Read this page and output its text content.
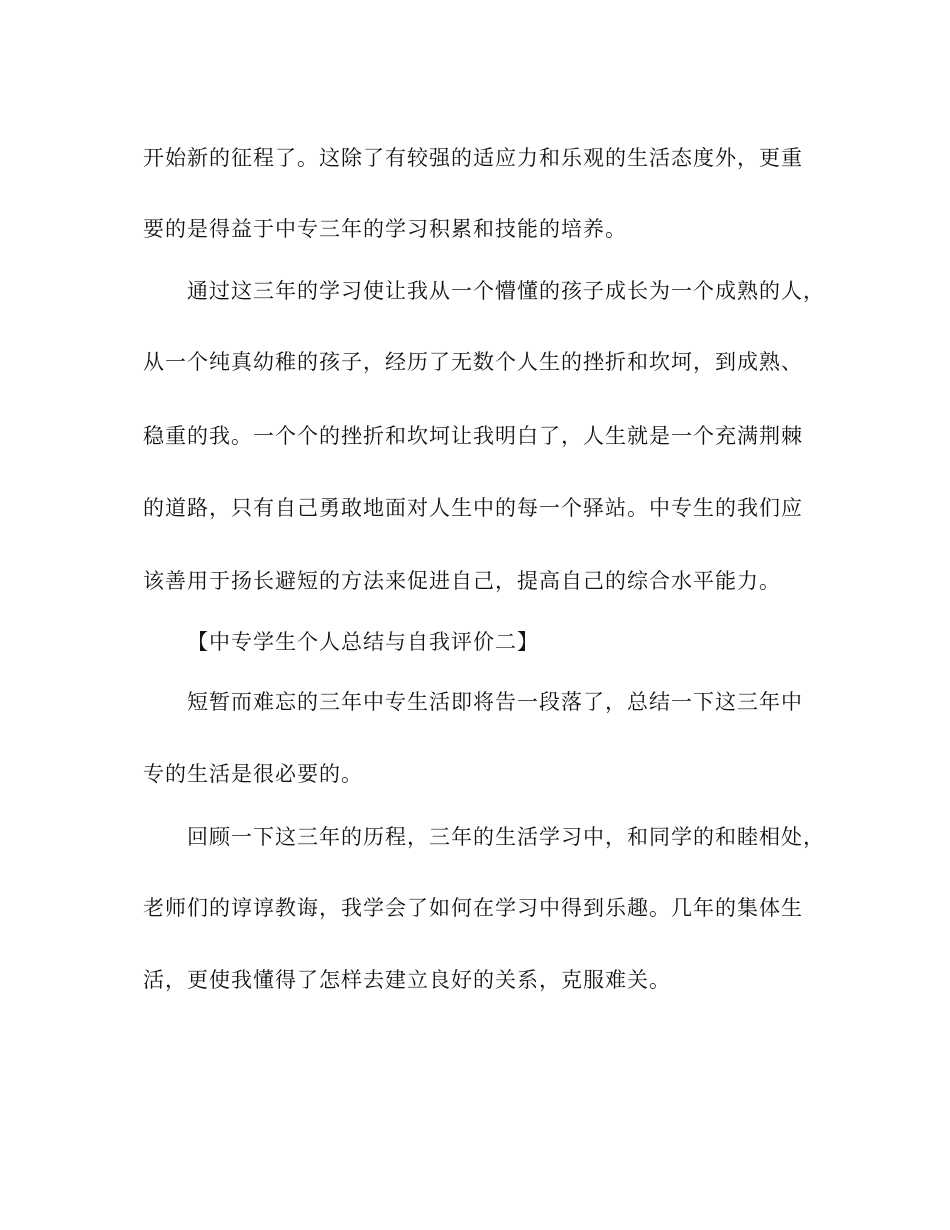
开始新的征程了。这除了有较强的适应力和乐观的生活态度外，更重
要的是得益于中专三年的学习积累和技能的培养。
通过这三年的学习使让我从一个懵懂的孩子成长为一个成熟的人，
从一个纯真幼稚的孩子，经历了无数个人生的挫折和坎坷，到成熟、
稳重的我。一个个的挫折和坎坷让我明白了，人生就是一个充满荆棘
的道路，只有自己勇敢地面对人生中的每一个驿站。中专生的我们应
该善用于扬长避短的方法来促进自己，提高自己的综合水平能力。
【中专学生个人总结与自我评价二】
短暂而难忘的三年中专生活即将告一段落了，总结一下这三年中
专的生活是很必要的。
回顾一下这三年的历程，三年的生活学习中，和同学的和睦相处，
老师们的谆谆教诲，我学会了如何在学习中得到乐趣。几年的集体生
活，更使我懂得了怎样去建立良好的关系，克服难关。
